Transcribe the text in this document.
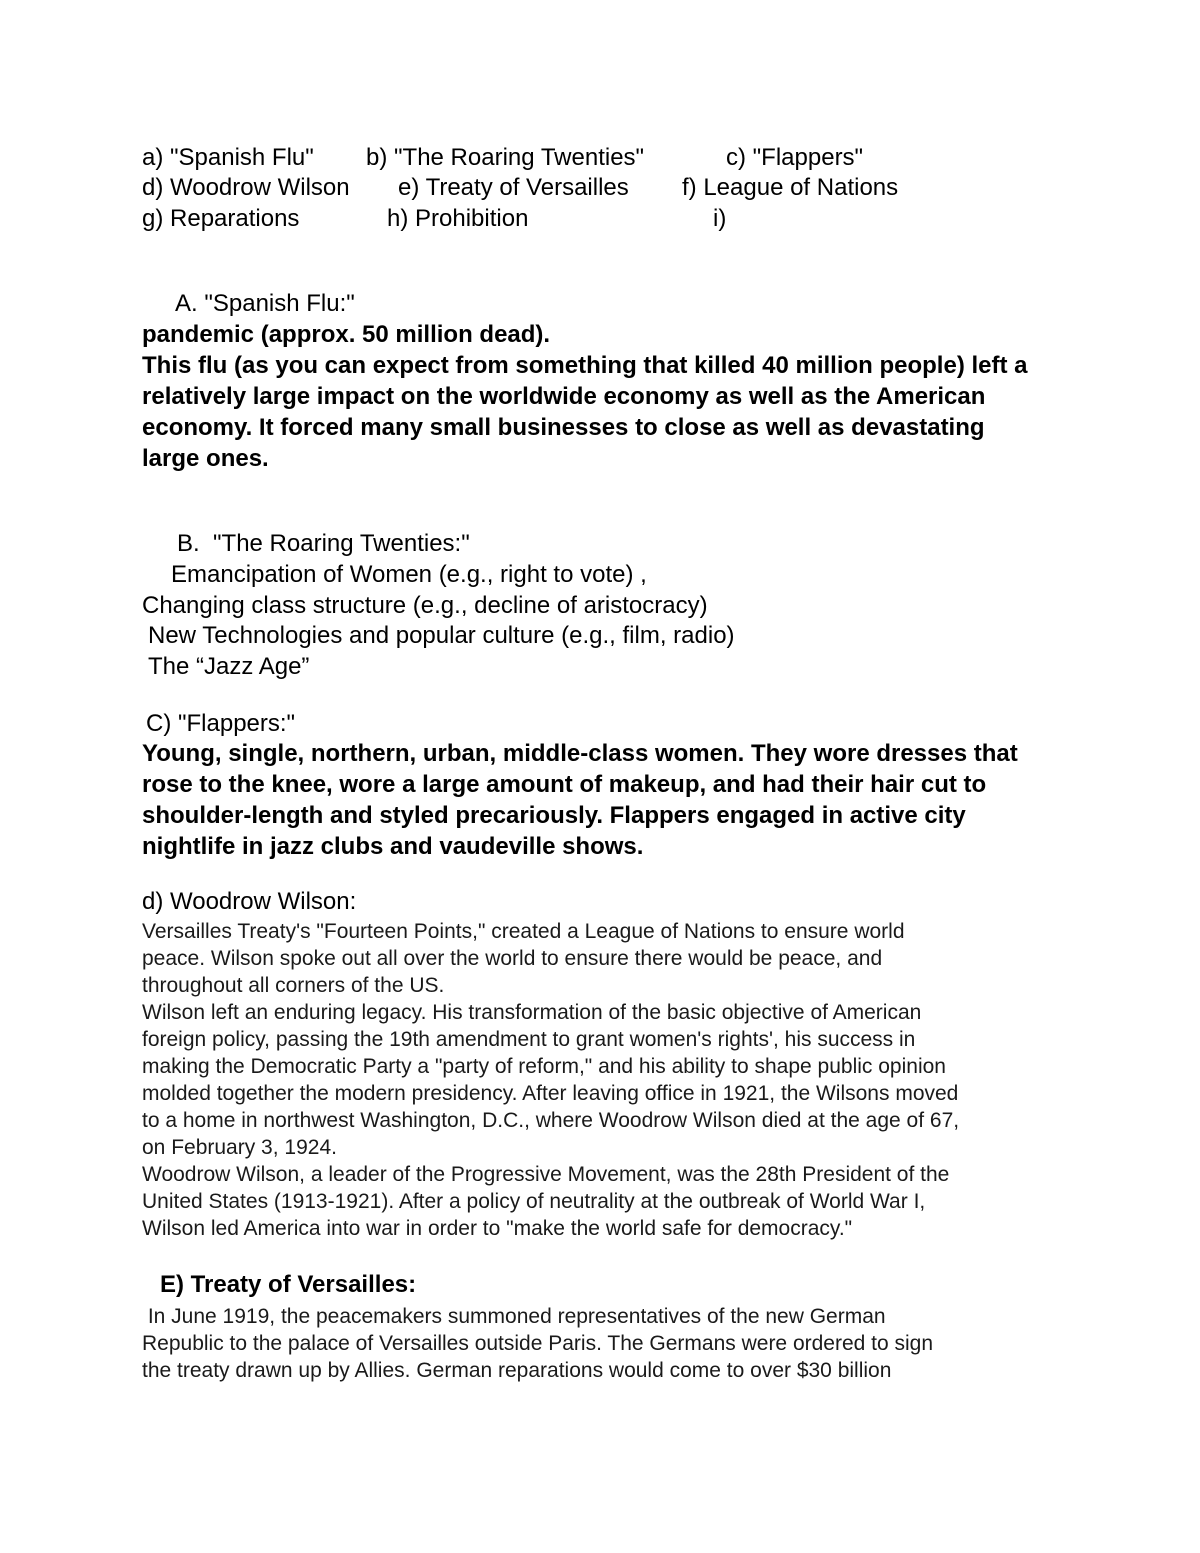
a) "Spanish Flu" b) "The Roaring Twenties"	c) "Flappers"
d) Woodrow Wilson e) Treaty of Versailles f) League of Nations
g) Reparations	h) Prohibition	i)
A. "Spanish Flu:"
pandemic (approx. 50 million dead).
This flu (as you can expect from something that killed 40 million people) left a
relatively large impact on the worldwide economy as well as the American
economy. It forced many small businesses to close as well as devastating
large ones.
B.  "The Roaring Twenties:"
Emancipation of Women (e.g., right to vote) ,
Changing class structure (e.g., decline of aristocracy)
New Technologies and popular culture (e.g., film, radio)
The “Jazz Age”
C) "Flappers:"
Young, single, northern, urban, middle-class women. They wore dresses that
rose to the knee, wore a large amount of makeup, and had their hair cut to
shoulder-length and styled precariously. Flappers engaged in active city
nightlife in jazz clubs and vaudeville shows.
d) Woodrow Wilson:
Versailles Treaty's "Fourteen Points," created a League of Nations to ensure world
peace. Wilson spoke out all over the world to ensure there would be peace, and
throughout all corners of the US.
Wilson left an enduring legacy. His transformation of the basic objective of American
foreign policy, passing the 19th amendment to grant women's rights', his success in
making the Democratic Party a "party of reform," and his ability to shape public opinion
molded together the modern presidency. After leaving office in 1921, the Wilsons moved
to a home in northwest Washington, D.C., where Woodrow Wilson died at the age of 67,
on February 3, 1924.
Woodrow Wilson, a leader of the Progressive Movement, was the 28th President of the
United States (1913-1921). After a policy of neutrality at the outbreak of World War I,
Wilson led America into war in order to "make the world safe for democracy."
E) Treaty of Versailles:
In June 1919, the peacemakers summoned representatives of the new German
Republic to the palace of Versailles outside Paris. The Germans were ordered to sign
the treaty drawn up by Allies. German reparations would come to over $30 billion
